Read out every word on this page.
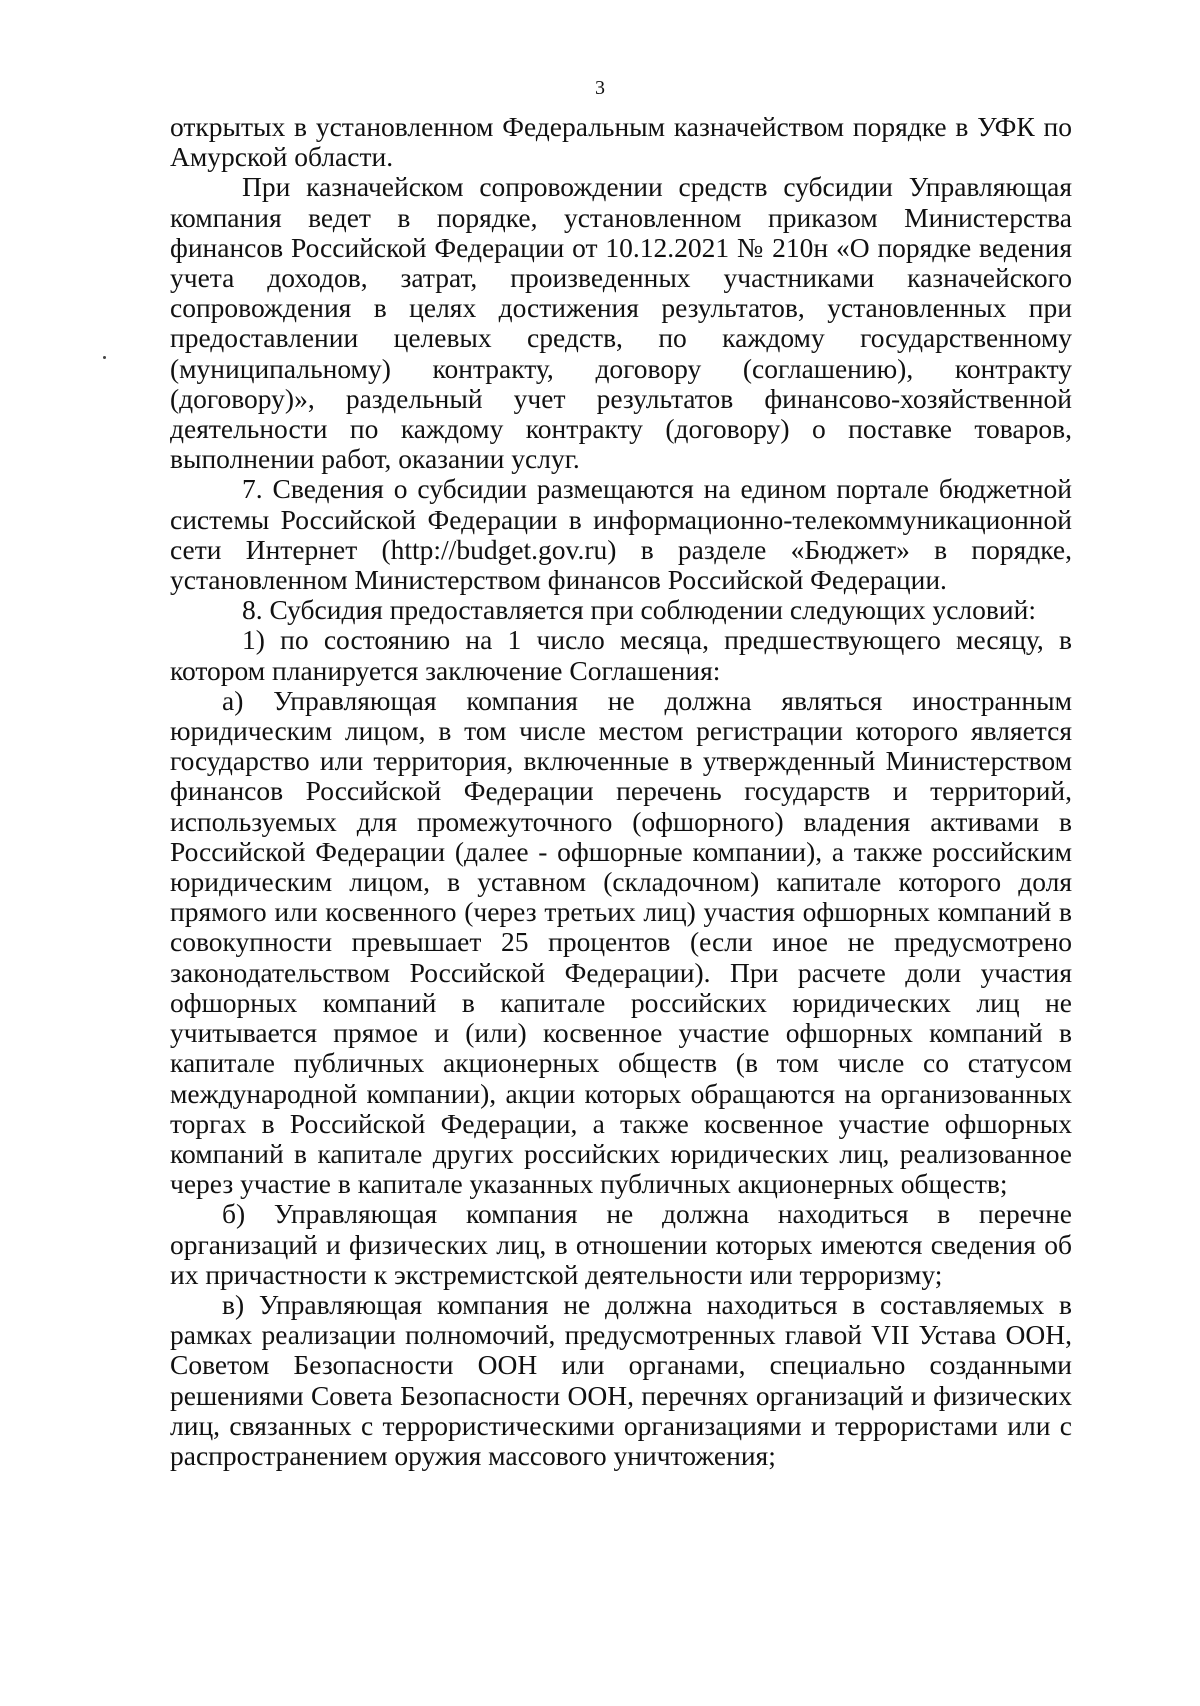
3

открытых в установленном Федеральным казначейством порядке в УФК по Амурской области.

При казначейском сопровождении средств субсидии Управляющая компания ведет в порядке, установленном приказом Министерства финансов Российской Федерации от 10.12.2021 № 210н «О порядке ведения учета доходов, затрат, произведенных участниками казначейского сопровождения в целях достижения результатов, установленных при предоставлении целевых средств, по каждому государственному (муниципальному) контракту, договору (соглашению), контракту (договору)», раздельный учет результатов финансово-хозяйственной деятельности по каждому контракту (договору) о поставке товаров, выполнении работ, оказании услуг.

7. Сведения о субсидии размещаются на едином портале бюджетной системы Российской Федерации в информационно-телекоммуникационной сети Интернет (http://budget.gov.ru) в разделе «Бюджет» в порядке, установленном Министерством финансов Российской Федерации.

8. Субсидия предоставляется при соблюдении следующих условий:

1) по состоянию на 1 число месяца, предшествующего месяцу, в котором планируется заключение Соглашения:

а) Управляющая компания не должна являться иностранным юридическим лицом, в том числе местом регистрации которого является государство или территория, включенные в утвержденный Министерством финансов Российской Федерации перечень государств и территорий, используемых для промежуточного (офшорного) владения активами в Российской Федерации (далее - офшорные компании), а также российским юридическим лицом, в уставном (складочном) капитале которого доля прямого или косвенного (через третьих лиц) участия офшорных компаний в совокупности превышает 25 процентов (если иное не предусмотрено законодательством Российской Федерации). При расчете доли участия офшорных компаний в капитале российских юридических лиц не учитывается прямое и (или) косвенное участие офшорных компаний в капитале публичных акционерных обществ (в том числе со статусом международной компании), акции которых обращаются на организованных торгах в Российской Федерации, а также косвенное участие офшорных компаний в капитале других российских юридических лиц, реализованное через участие в капитале указанных публичных акционерных обществ;

б) Управляющая компания не должна находиться в перечне организаций и физических лиц, в отношении которых имеются сведения об их причастности к экстремистской деятельности или терроризму;

в) Управляющая компания не должна находиться в составляемых в рамках реализации полномочий, предусмотренных главой VII Устава ООН, Советом Безопасности ООН или органами, специально созданными решениями Совета Безопасности ООН, перечнях организаций и физических лиц, связанных с террористическими организациями и террористами или с распространением оружия массового уничтожения;
